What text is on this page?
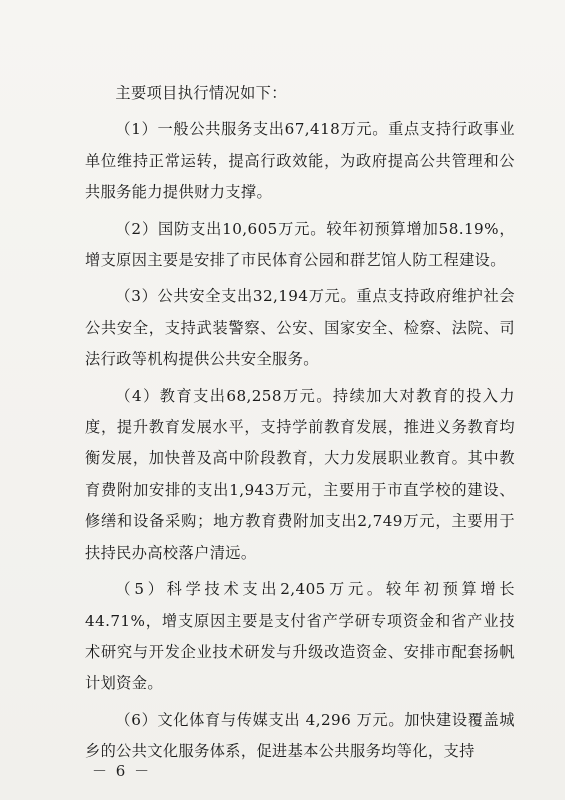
主要项目执行情况如下：

（1）一般公共服务支出67,418万元。重点支持行政事业单位维持正常运转，提高行政效能，为政府提高公共管理和公共服务能力提供财力支撑。

（2）国防支出10,605万元。较年初预算增加58.19%，增支原因主要是安排了市民体育公园和群艺馆人防工程建设。

（3）公共安全支出32,194万元。重点支持政府维护社会公共安全，支持武装警察、公安、国家安全、检察、法院、司法行政等机构提供公共安全服务。

（4）教育支出68,258万元。持续加大对教育的投入力度，提升教育发展水平，支持学前教育发展，推进义务教育均衡发展，加快普及高中阶段教育，大力发展职业教育。其中教育费附加安排的支出1,943万元，主要用于市直学校的建设、修缮和设备采购；地方教育费附加支出2,749万元，主要用于扶持民办高校落户清远。

（5）科学技术支出2,405万元。较年初预算增长44.71%，增支原因主要是支付省产学研专项资金和省产业技术研究与开发企业技术研发与升级改造资金、安排市配套扬帆计划资金。

（6）文化体育与传媒支出 4,296 万元。加快建设覆盖城乡的公共文化服务体系，促进基本公共服务均等化，支持

－ 6 －
